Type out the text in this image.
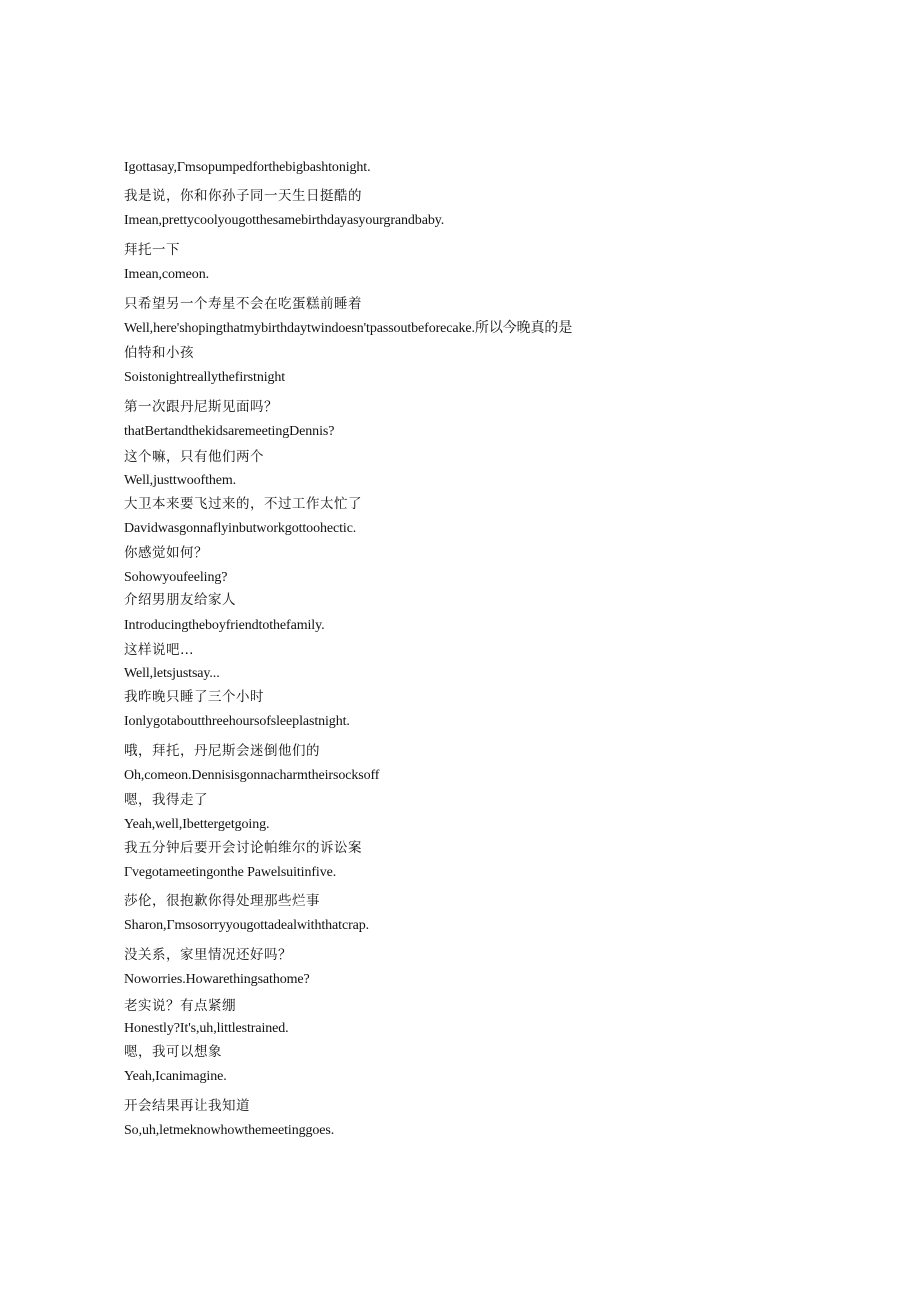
Igottasay,Γmsopumpedforthebigbashtonight.
我是说，你和你孙子同一天生日挺酷的
Imean,prettycoolyougotthesamebirthdayasyourgrandbaby.
拜托一下
Imean,comeon.
只希望另一个寿星不会在吃蛋糕前睡着
Well,here'shopingthatmybirthdaytwindoesn'tpassoutbeforecake.所以今晚真的是
伯特和小孩
Soistonightreallythefirstnight
第一次跟丹尼斯见面吗？
thatBertandthekidsaremeetingDennis?
这个嘛，只有他们两个
Well,justtwoofthem.
大卫本来要飞过来的，不过工作太忙了
Davidwasgonnaflyinbutworkgottoohectic.
你感觉如何？
Sohowyoufeeling?
介绍男朋友给家人
Introducingtheboyfriendtothefamily.
这样说吧…
Well,letsjustsay...
我昨晚只睡了三个小时
Ionlygotaboutthreehoursofsleeplastnight.
哦，拜托，丹尼斯会迷倒他们的
Oh,comeon.Dennisisgonnacharmtheirsocksoff
嗯，我得走了
Yeah,well,Ibettergetgoing.
我五分钟后要开会讨论帕维尔的诉讼案
Γvegotameetingonthe Pawelsuitinfive.
莎伦，很抱歉你得处理那些烂事
Sharon,Γmsosorryyougottadealwiththatcrap.
没关系，家里情况还好吗？
Noworries.Howarethingsathome?
老实说？有点紧绷
Honestly?It's,uh,littlestrained.
嗯，我可以想象
Yeah,Icanimagine.
开会结果再让我知道
So,uh,letmeknowhowthemeetinggoes.
